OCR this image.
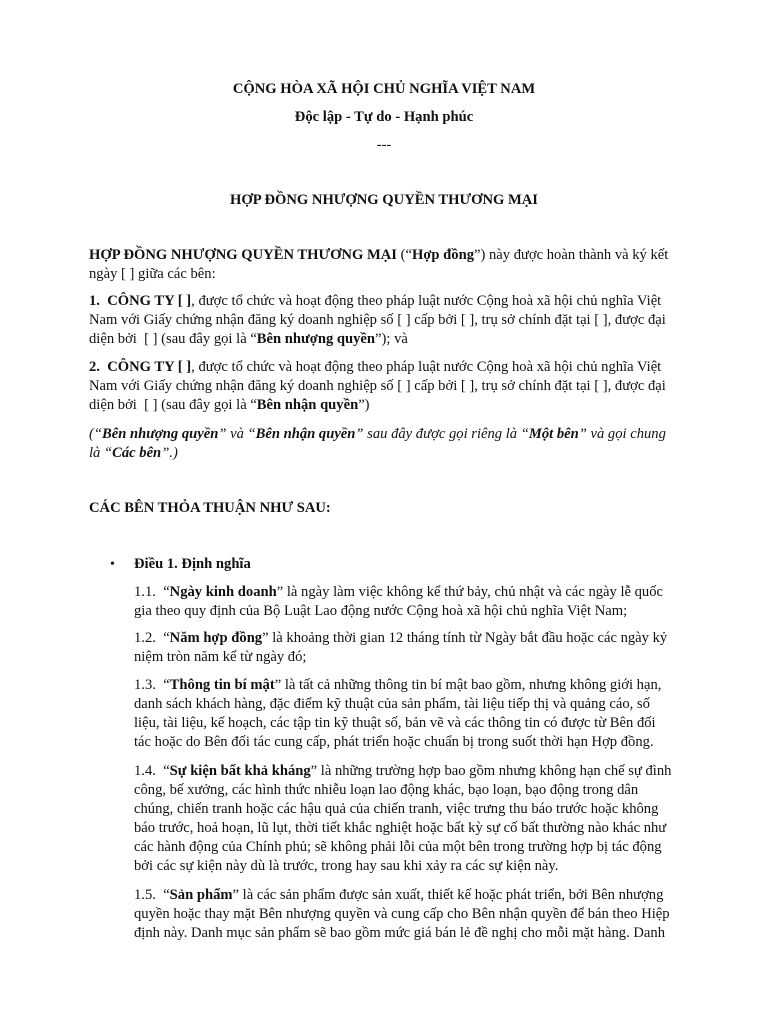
CỘNG HÒA XÃ HỘI CHỦ NGHĨA VIỆT NAM
Độc lập - Tự do - Hạnh phúc
---
HỢP ĐỒNG NHƯỢNG QUYỀN THƯƠNG MẠI
HỢP ĐỒNG NHƯỢNG QUYỀN THƯƠNG MẠI (“Hợp đồng”) này được hoàn thành và ký kết
ngày [ ] giữa các bên:
1.  CÔNG TY [ ], được tổ chức và hoạt động theo pháp luật nước Cộng hoà xã hội chủ nghĩa Việt
Nam với Giấy chứng nhận đăng ký doanh nghiệp số [ ] cấp bởi [ ], trụ sở chính đặt tại [ ], được đại
diện bởi  [ ] (sau đây gọi là “Bên nhượng quyền”); và
2.  CÔNG TY [ ], được tổ chức và hoạt động theo pháp luật nước Cộng hoà xã hội chủ nghĩa Việt
Nam với Giấy chứng nhận đăng ký doanh nghiệp số [ ] cấp bởi [ ], trụ sở chính đặt tại [ ], được đại
diện bởi  [ ] (sau đây gọi là “Bên nhận quyền”)
(“Bên nhượng quyền” và “Bên nhận quyền” sau đây được gọi riêng là “Một bên” và gọi chung
là “Các bên”.)
CÁC BÊN THỎA THUẬN NHƯ SAU:
• Điều 1. Định nghĩa
1.1.  “Ngày kinh doanh” là ngày làm việc không kể thứ bảy, chủ nhật và các ngày lễ quốc
gia theo quy định của Bộ Luật Lao động nước Cộng hoà xã hội chủ nghĩa Việt Nam;
1.2.  “Năm hợp đồng” là khoảng thời gian 12 tháng tính từ Ngày bắt đầu hoặc các ngày kỷ
niệm tròn năm kể từ ngày đó;
1.3.  “Thông tin bí mật” là tất cả những thông tin bí mật bao gồm, nhưng không giới hạn,
danh sách khách hàng, đặc điểm kỹ thuật của sản phẩm, tài liệu tiếp thị và quảng cáo, số
liệu, tài liệu, kế hoạch, các tập tin kỹ thuật số, bản vẽ và các thông tin có được từ Bên đối
tác hoặc do Bên đối tác cung cấp, phát triển hoặc chuẩn bị trong suốt thời hạn Hợp đồng.
1.4.  “Sự kiện bất khả kháng” là những trường hợp bao gồm nhưng không hạn chế sự đình
công, bế xưởng, các hình thức nhiễu loạn lao động khác, bạo loạn, bạo động trong dân
chúng, chiến tranh hoặc các hậu quả của chiến tranh, việc trưng thu báo trước hoặc không
báo trước, hoả hoạn, lũ lụt, thời tiết khắc nghiệt hoặc bất kỳ sự cố bất thường nào khác như
các hành động của Chính phủ; sẽ không phải lỗi của một bên trong trường hợp bị tác động
bởi các sự kiện này dù là trước, trong hay sau khi xảy ra các sự kiện này.
1.5.  “Sản phẩm” là các sản phẩm được sản xuất, thiết kế hoặc phát triển, bởi Bên nhượng
quyền hoặc thay mặt Bên nhượng quyền và cung cấp cho Bên nhận quyền để bán theo Hiệp
định này. Danh mục sản phẩm sẽ bao gồm mức giá bán lẻ đề nghị cho mỗi mặt hàng. Danh
